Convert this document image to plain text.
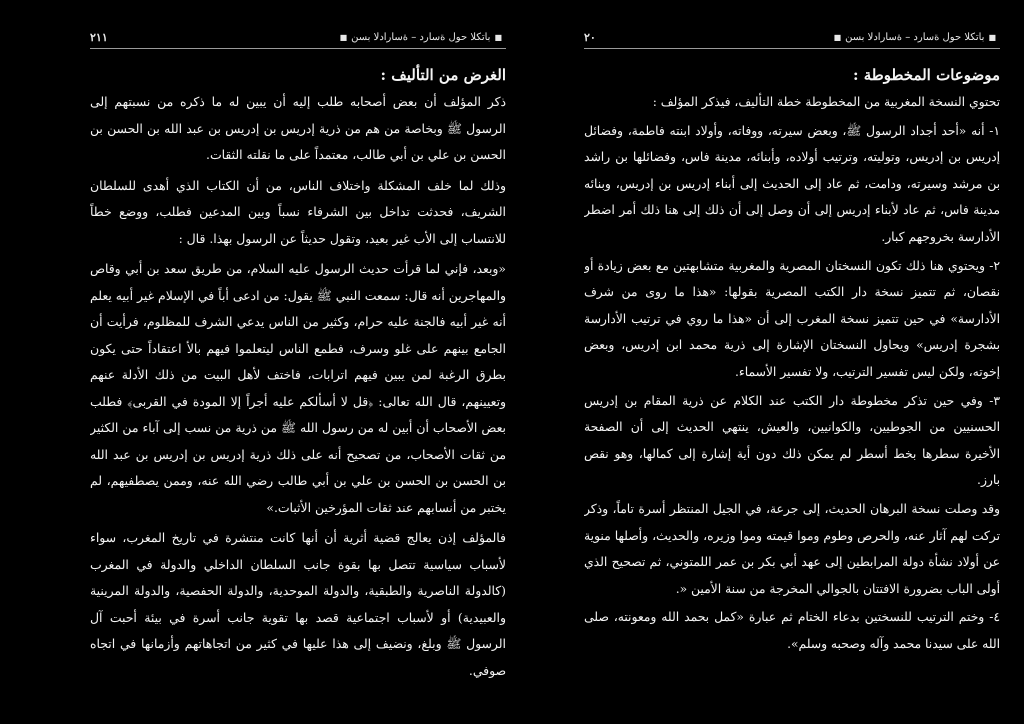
٢١١	■باتكلا حول ةسارد – ةسارادلا بسن■
الغرض من التأليف :

ذكر المؤلف أن بعض أصحابه طلب إليه أن يبين له ما ذكره من نسبتهم إلى الرسول ﷺ وبخاصة من هم من ذرية إدريس بن إدريس بن عبد الله بن الحسن بن الحسن بن علي بن أبي طالب، معتمداً على ما نقلته الثقات.

وذلك لما خلف المشكلة واختلاف الناس، من أن الكتاب الذي أهدى للسلطان الشريف، فحدثت تداخل بين الشرفاء نسباً وبين المدعين فطلب، ووضع خطاً للانتساب إلى الأب غير بعيد، وتقول حديثاً عن الرسول بهذا. قال :

«وبعد، فإني لما قرأت حديث الرسول عليه السلام، من طريق سعد بن أبي وقاص والمهاجرين أنه قال: سمعت النبي ﷺ يقول: من ادعى أباً في الإسلام غير أبيه يعلم أنه غير أبيه فالجنة عليه حرام، وكثير من الناس يدعي الشرف للمظلوم، فرأيت أن الجامع بينهم على غلو وسرف، فطمع الناس ليتعلموا فيهم بالأ اعتقاداً حتى يكون بطرق الرغبة لمن يبين فيهم اترابات، فاختف لأهل البيت من ذلك الأدلة عنهم وتعيينهم، قال الله تعالى: ﴿قل لا أسألكم عليه أجراً إلا المودة في القربى﴾ فطلب بعض الأصحاب أن أبين له من رسول الله ﷺ من ذرية من نسب إلى آباء من الكثير من ثقات الأصحاب، من تصحيح أنه على ذلك ذرية إدريس بن إدريس بن عبد الله بن الحسن بن الحسن بن علي بن أبي طالب رضي الله عنه، وممن يصطفيهم، لم يختبر من أنسابهم عند ثقات المؤرخين الأثبات.»

فالمؤلف إذن يعالج قضية أثرية أن أنها كانت منتشرة في تاريخ المغرب، سواء لأسباب سياسية تتصل بها بقوة جانب السلطان الداخلي والدولة في المغرب (كالدولة الناصرية والطبقية، والدولة الموحدية، والدولة الحفصية، والدولة المرينية والعبيدية) أو لأسباب اجتماعية قصد بها تقوية جانب أسرة في بيئة أحبت آل الرسول ﷺ وبلغ، ونضيف إلى هذا عليها في كثير من اتجاهاتهم وأزمانها في اتجاه صوفي.

٢٠	■باتكلا حول ةسارد – ةسارادلا بسن■
موضوعات المخطوطة :

تحتوي النسخة المغربية من المخطوطة خطة التأليف، فيذكر المؤلف :

١- أنه «أحد أجداد الرسول ﷺ، وبعض سيرته، ووفاته، وأولاد ابنته فاطمة، وفضائل إدريس بن إدريس، وتوليته، وترتيب أولاده، وأبنائه، مدينة فاس، وفضائلها بن راشد بن مرشد وسيرته، ودامت، ثم عاد إلى الحديث إلى أبناء إدريس بن إدريس، وبنائه مدينة فاس، ثم عاد لأبناء إدريس إلى أن وصل إلى أن ذلك إلى هنا ذلك أمر اضطر الأدارسة بخروجهم كبار.

٢- ويحتوي هنا ذلك تكون النسختان المصرية والمغربية متشابهتين مع بعض زيادة أو نقصان، ثم تتميز نسخة دار الكتب المصرية بقولها: «هذا ما روى من شرف الأدارسة» في حين تتميز نسخة المغرب إلى أن «هذا ما روي في ترتيب الأدارسة بشجرة إدريس» ويحاول النسختان الإشارة إلى ذرية محمد ابن إدريس، وبعض إخوته، ولكن ليس تفسير الترتيب، ولا تفسير الأسماء.

٣- وفي حين تذكر مخطوطة دار الكتب عند الكلام عن ذرية المقام بن إدريس الحسنيين من الجوطيين، والكوانيين، والعيش، ينتهي الحديث إلى أن الصفحة الأخيرة سطرها بخط أسطر لم يمكن ذلك دون أية إشارة إلى كمالها، وهو نقص بارز.

وقد وصلت نسخة البرهان الحديث، إلى جرعة، في الجيل المنتظر أسرة تاماً، وذكر تركت لهم آثار عنه، والحرص وطوم وموا قيمته وموا وزيره، والحديث، وأصلها منوية عن أولاد نشأة دولة المرابطين إلى عهد أبي بكر بن عمر اللمتوني، ثم تصحيح الذي أولى الباب بضرورة الافتتان بالجوالي المخرجة من سنة الأمين «.

٤- وختم الترتيب للنسختين بدعاء الختام ثم عبارة «كمل بحمد الله ومعونته، صلى الله على سيدنا محمد وآله وصحبه وسلم».
